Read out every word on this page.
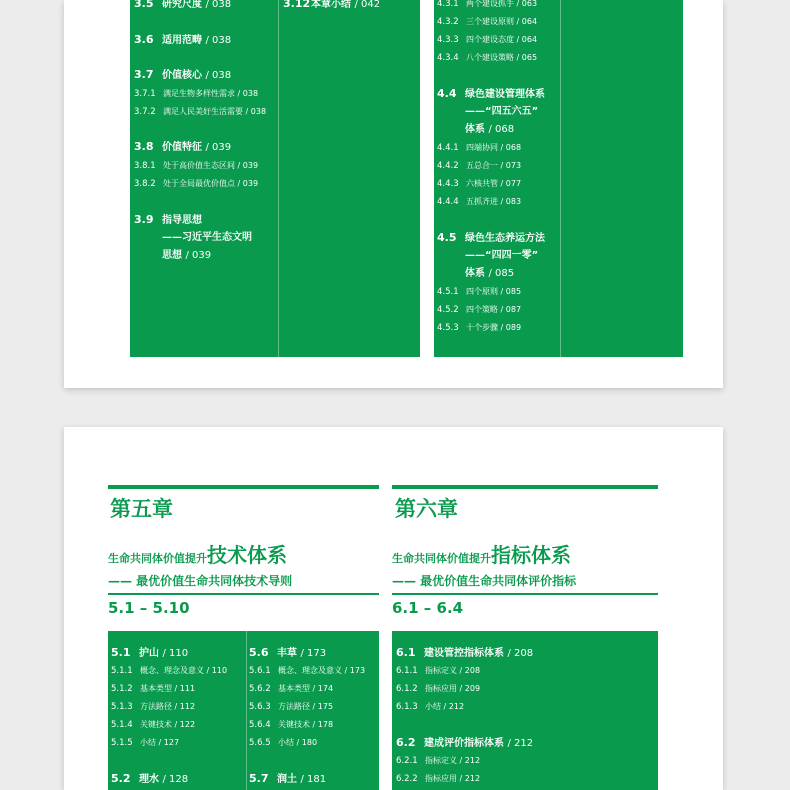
3.5 研究尺度 / 038
3.6 适用范畴 / 038
3.7 价值核心 / 038
3.7.1 满足生物多样性需求 / 038
3.7.2 满足人民美好生活需要 / 038
3.8 价值特征 / 039
3.8.1 处于高价值生态区间 / 039
3.8.2 处于全局最优价值点 / 039
3.9 指导思想
——习近平生态文明
思想 / 039
3.12本章小结 / 042	4.3.1 两个建设抓手 / 063
4.3.2 三个建设原则 / 064
4.3.3 四个建设态度 / 064
4.3.4 八个建设策略 / 065
4.4 绿色建设管理体系
——“四五六五”
体系 / 068
4.4.1 四端协同 / 068
4.4.2 五总合一 / 073
4.4.3 六核共管 / 077
4.4.4 五抓齐进 / 083
4.5 绿色生态养运方法
——“四四一零”
体系 / 085
4.5.1 四个原则 / 085
4.5.2 四个策略 / 087
4.5.3 十个步骤 / 089
第五章
生命共同体价值提升技术体系
—— 最优价值生命共同体技术导则
5.1 – 5.10
第六章
生命共同体价值提升指标体系
—— 最优价值生命共同体评价指标
6.1 – 6.4
5.1 护山 / 110
5.1.1 概念、理念及意义 / 110
5.1.2 基本类型 / 111
5.1.3 方法路径 / 112
5.1.4 关键技术 / 122
5.1.5 小结 / 127
5.2 理水 / 128
5.6 丰草 / 173
5.6.1 概念、理念及意义 / 173
5.6.2 基本类型 / 174
5.6.3 方法路径 / 175
5.6.4 关键技术 / 178
5.6.5 小结 / 180
5.7 润土 / 181
6.1 建设管控指标体系 / 208
6.1.1 指标定义 / 208
6.1.2 指标应用 / 209
6.1.3 小结 / 212
6.2 建成评价指标体系 / 212
6.2.1 指标定义 / 212
6.2.2 指标应用 / 212
